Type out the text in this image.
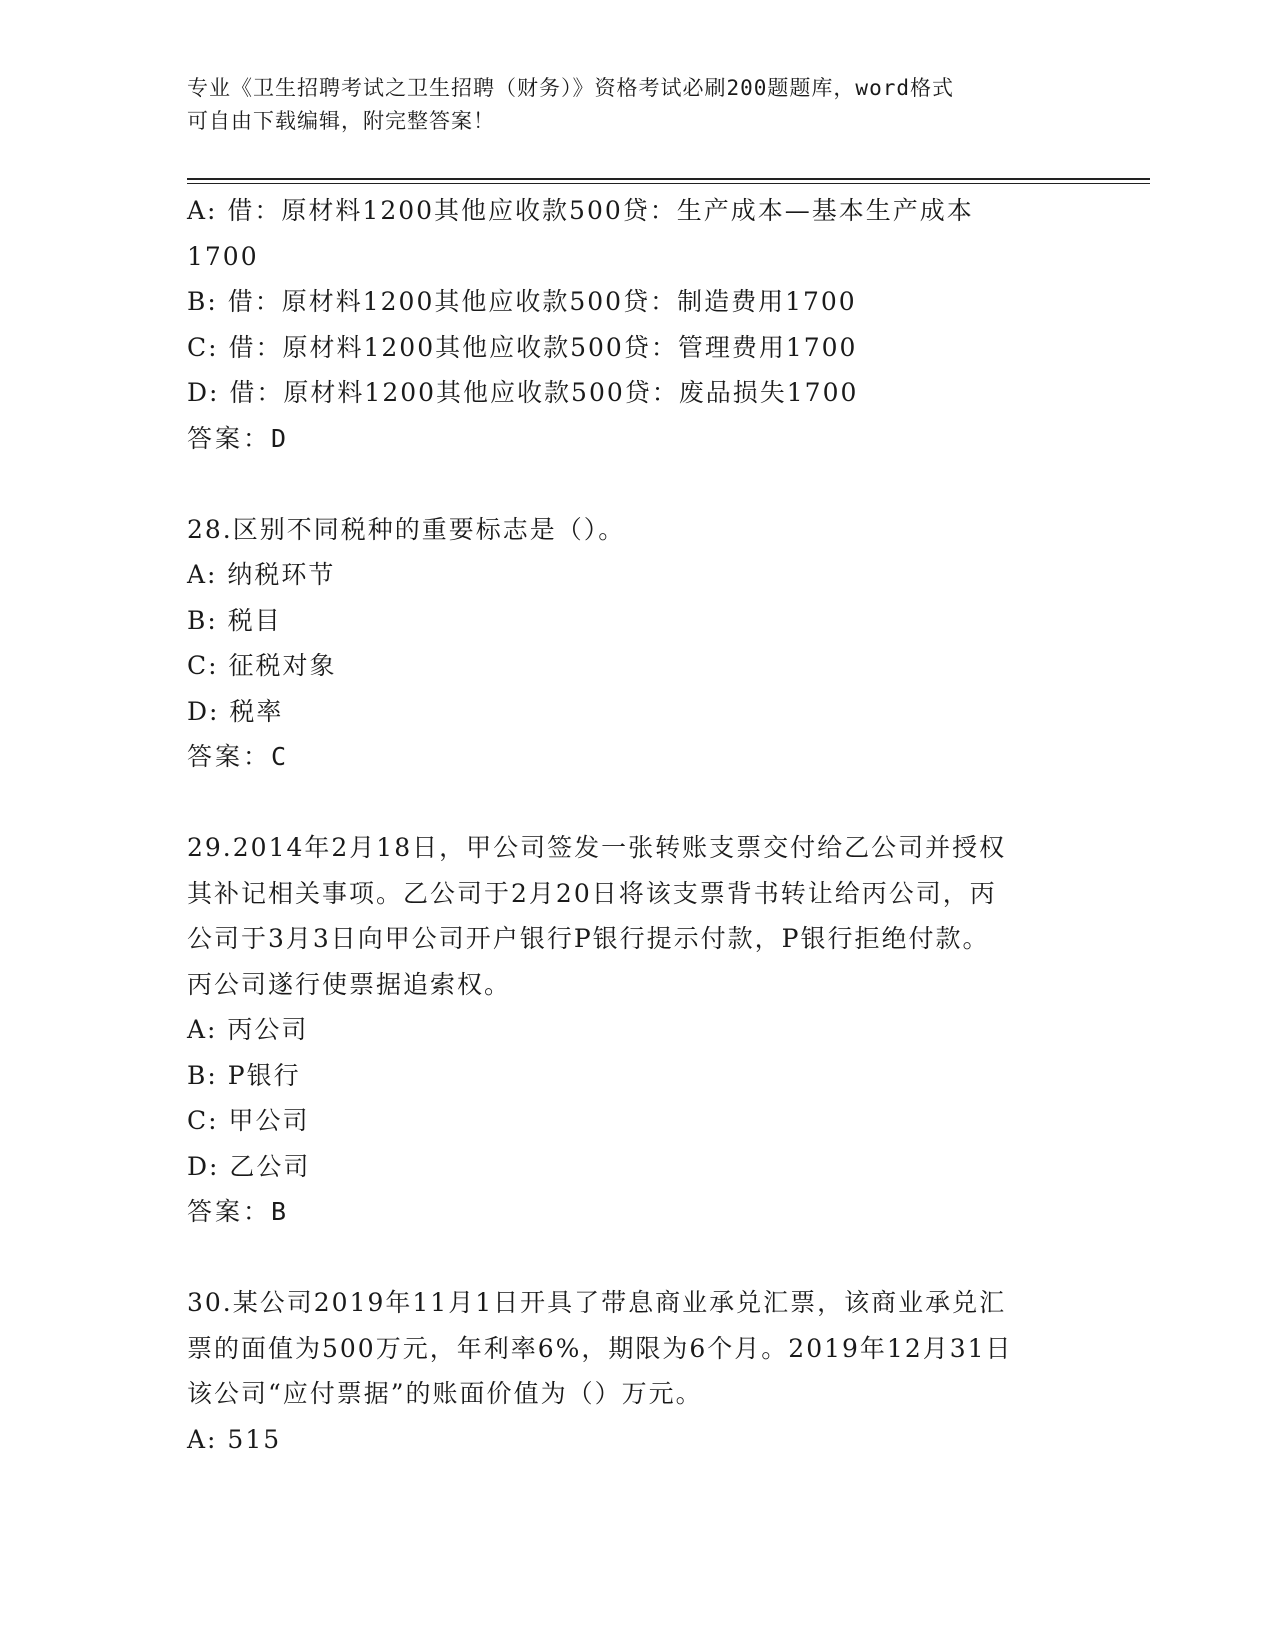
专业《卫生招聘考试之卫生招聘（财务）》资格考试必刷200题题库，word格式
可自由下载编辑，附完整答案！
A: 借：原材料1200其他应收款500贷：生产成本—基本生产成本
1700
B: 借：原材料1200其他应收款500贷：制造费用1700
C: 借：原材料1200其他应收款500贷：管理费用1700
D: 借：原材料1200其他应收款500贷：废品损失1700
答案：D
28.区别不同税种的重要标志是（）。
A: 纳税环节
B: 税目
C: 征税对象
D: 税率
答案：C
29.2014年2月18日，甲公司签发一张转账支票交付给乙公司并授权
其补记相关事项。乙公司于2月20日将该支票背书转让给丙公司，丙
公司于3月3日向甲公司开户银行P银行提示付款，P银行拒绝付款。
丙公司遂行使票据追索权。
A: 丙公司
B: P银行
C: 甲公司
D: 乙公司
答案：B
30.某公司2019年11月1日开具了带息商业承兑汇票，该商业承兑汇
票的面值为500万元，年利率6%，期限为6个月。2019年12月31日
该公司“应付票据”的账面价值为（）万元。
A: 515
